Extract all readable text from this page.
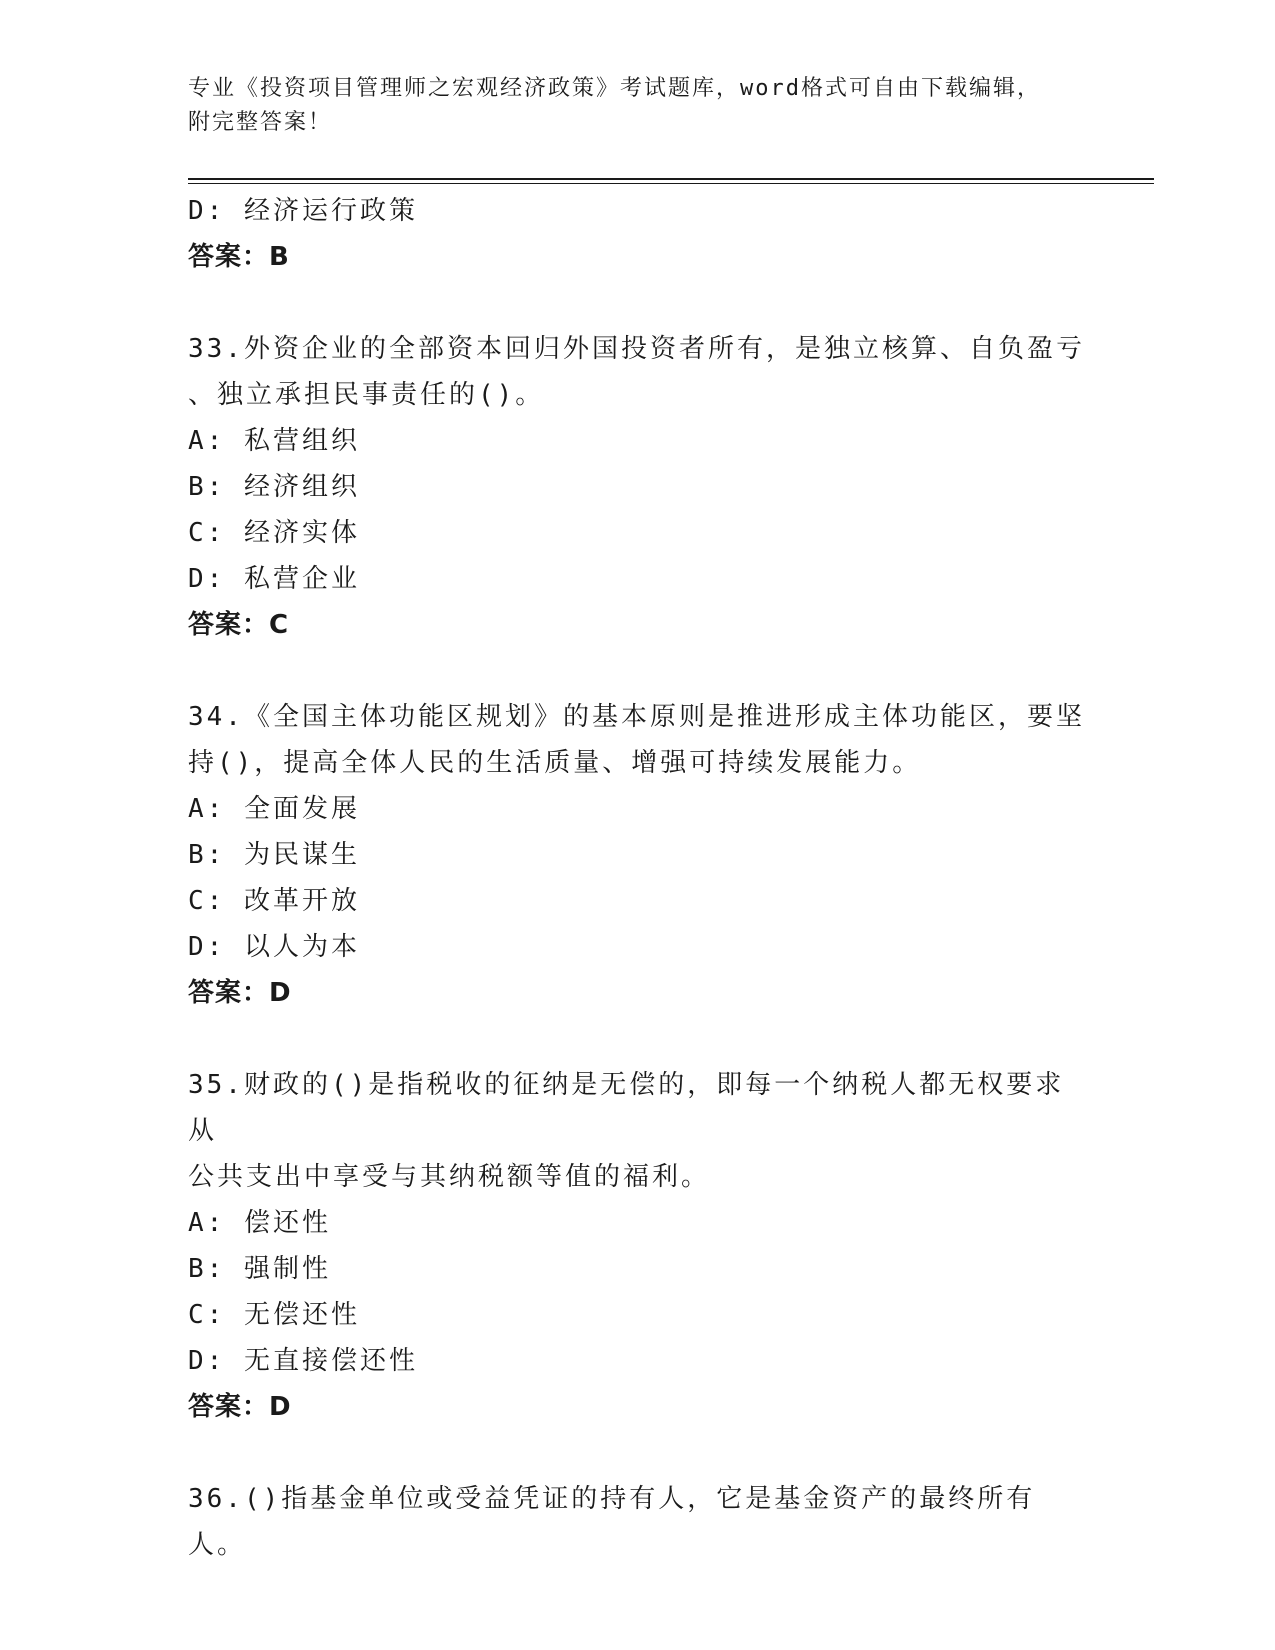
专业《投资项目管理师之宏观经济政策》考试题库，word格式可自由下载编辑，
附完整答案！
D: 经济运行政策
答案：B
33.外资企业的全部资本回归外国投资者所有，是独立核算、自负盈亏
、独立承担民事责任的()。
A: 私营组织
B: 经济组织
C: 经济实体
D: 私营企业
答案：C
34.《全国主体功能区规划》的基本原则是推进形成主体功能区，要坚
持()，提高全体人民的生活质量、增强可持续发展能力。
A: 全面发展
B: 为民谋生
C: 改革开放
D: 以人为本
答案：D
35.财政的()是指税收的征纳是无偿的，即每一个纳税人都无权要求从
公共支出中享受与其纳税额等值的福利。
A: 偿还性
B: 强制性
C: 无偿还性
D: 无直接偿还性
答案：D
36.()指基金单位或受益凭证的持有人，它是基金资产的最终所有人。
